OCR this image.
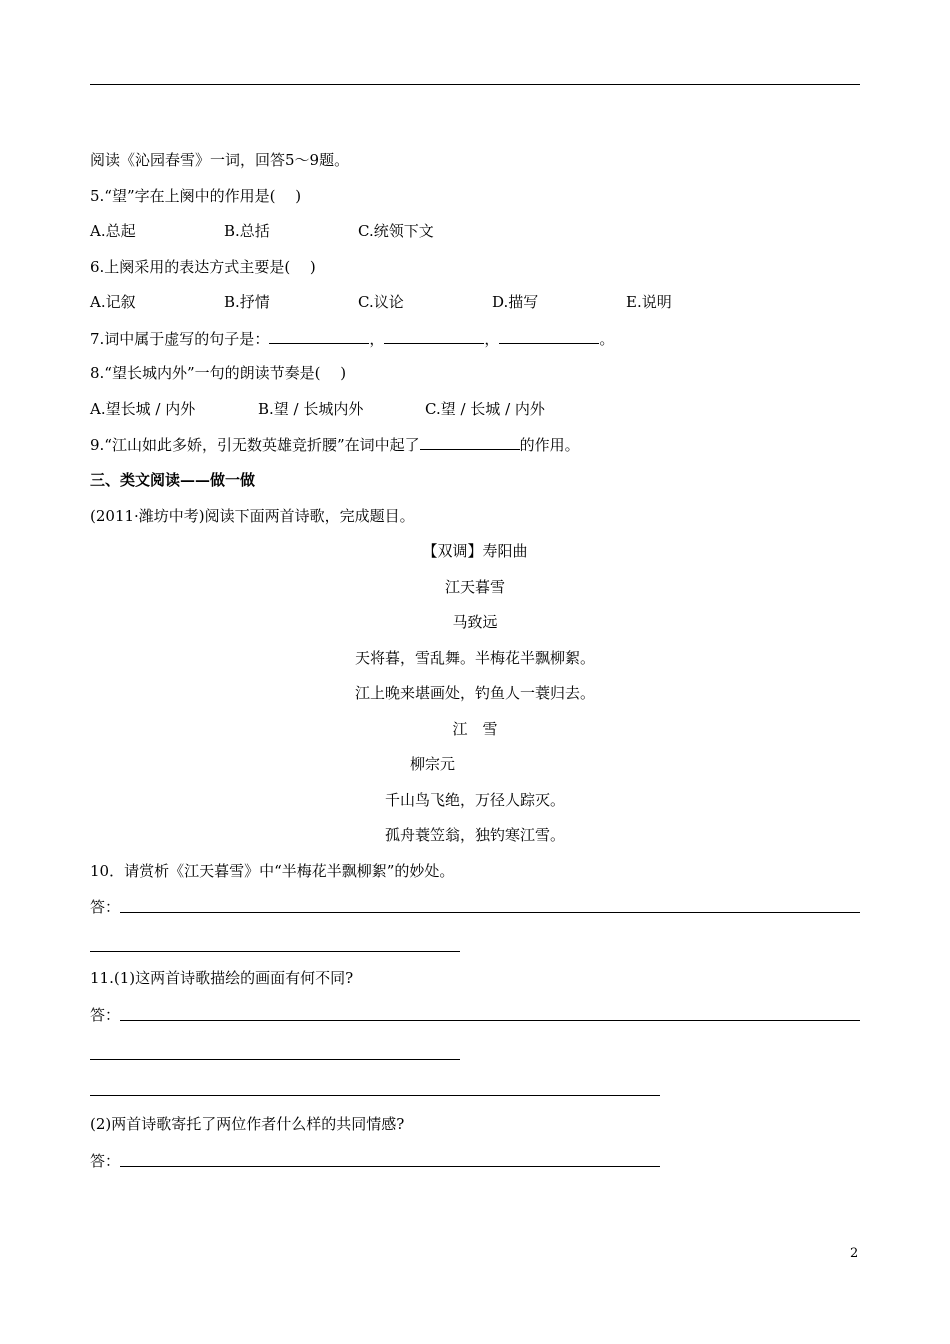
阅读《沁园春雪》一词，回答5～9题。
5.“望”字在上阕中的作用是(　 )
A.总起	B.总括	C.统领下文
6.上阕采用的表达方式主要是(　 )
A.记叙	B.抒情	C.议论	D.描写	E.说明
7.词中属于虚写的句子是：	，	，	。
8.“望长城内外”一句的朗读节奏是(　 )
A.望长城 / 内外	B.望 / 长城内外	C.望 / 长城 / 内外
9.“江山如此多娇，引无数英雄竞折腰”在词中起了	的作用。
三、类文阅读——做一做
(2011·潍坊中考)阅读下面两首诗歌，完成题目。
【双调】寿阳曲
江天暮雪
马致远
天将暮，雪乱舞。半梅花半飘柳絮。
江上晚来堪画处，钓鱼人一蓑归去。
江　雪
柳宗元
千山鸟飞绝，万径人踪灭。
孤舟蓑笠翁，独钓寒江雪。
10．请赏析《江天暮雪》中“半梅花半飘柳絮”的妙处。
答：
11.(1)这两首诗歌描绘的画面有何不同?
答：
(2)两首诗歌寄托了两位作者什么样的共同情感?
答：
2
